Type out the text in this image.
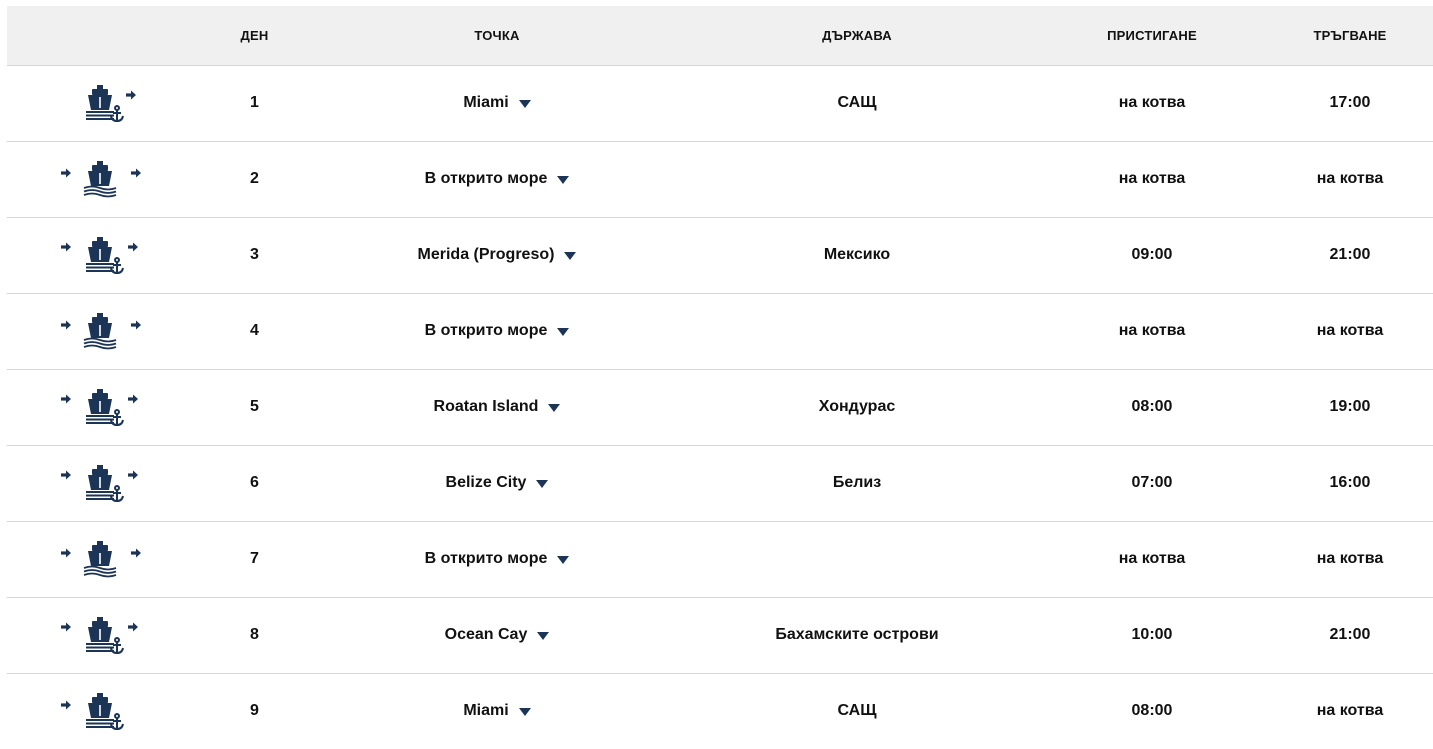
	ДЕН	ТОЧКА	ДЪРЖАВА	ПРИСТИГАНЕ	ТРЪГВАНЕ

	1	Miami	САЩ	на котва	17:00

	2	В открито море		на котва	на котва

	3	Merida (Progreso)	Мексико	09:00	21:00

	4	В открито море		на котва	на котва

	5	Roatan Island	Хондурас	08:00	19:00

	6	Belize City	Белиз	07:00	16:00

	7	В открито море		на котва	на котва

	8	Ocean Cay	Бахамските острови	10:00	21:00

	9	Miami	САЩ	08:00	на котва
